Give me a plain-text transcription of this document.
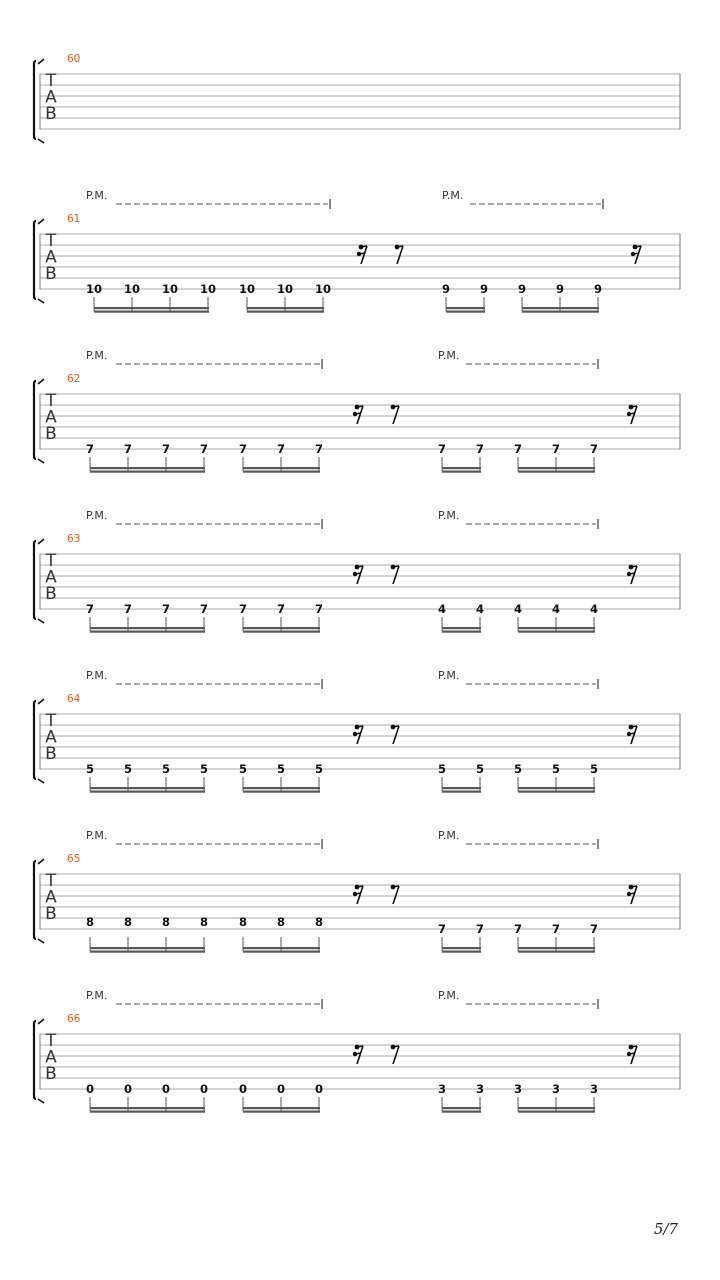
T
A
B
60
T
A
B
61
P.M.	P.M.
10 10 10 10 10 10 10	9	9	9	9	9
T
A
B
62
P.M.	P.M.
7	7	7	7	7	7	7	7	7	7	7	7
T
A
B
63
P.M.	P.M.
7	7	7	7	7	7	7	4	4	4	4	4
T
A
B
64
P.M.	P.M.
5	5	5	5	5	5	5	5	5	5	5	5
T
A
B
65
P.M.	P.M.
8	8	8	8	8	8	8	7	7	7	7	7
T
A
B
66
P.M.	P.M.
0	0	0	0	0	0	0	3	3	3	3	3
5/7
